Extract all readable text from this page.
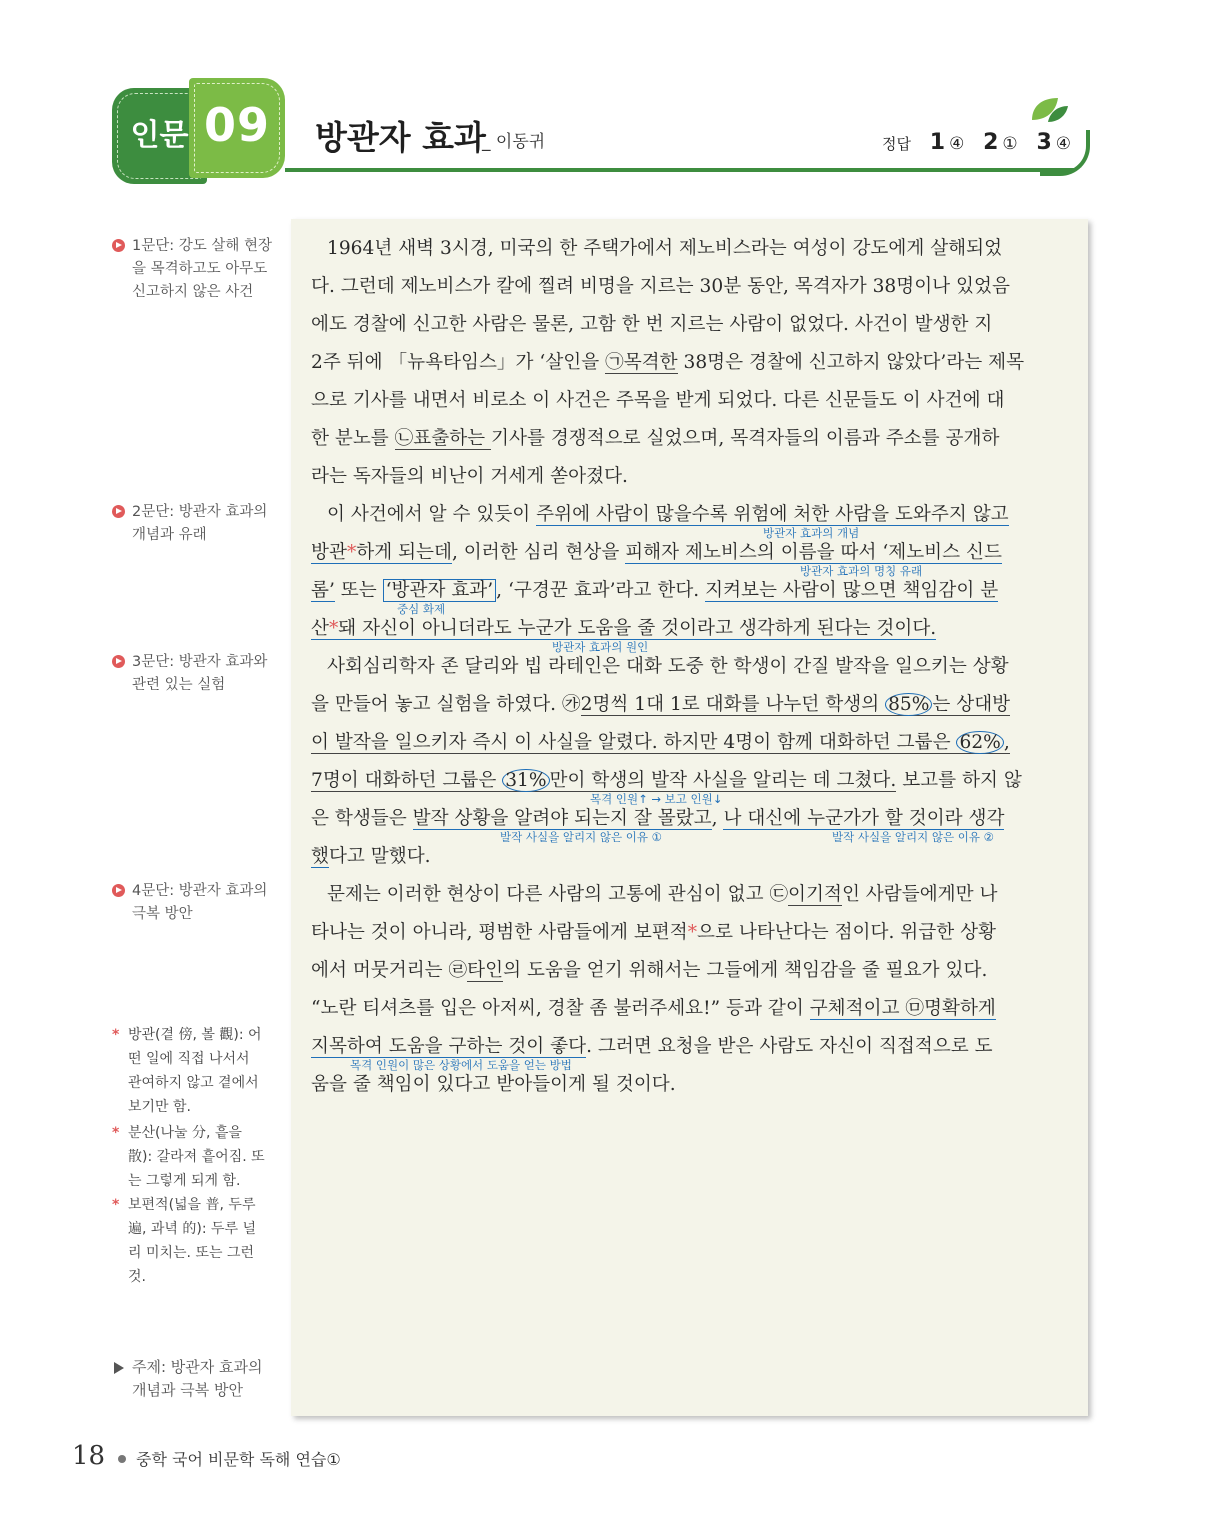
인문 09	방관자 효과
_ 이동귀	정답 1 ④ 2 ① 3 ④
1문단: 강도 살해 현장을 목격하고도 아무도 신고하지 않은 사건
2문단: 방관자 효과의 개념과 유래
3문단: 방관자 효과와 관련 있는 실험
4문단: 방관자 효과의 극복 방안
* 방관(곁 傍, 볼 觀): 어떤 일에 직접 나서서 관여하지 않고 곁에서 보기만 함.
* 분산(나눌 分, 흩을 散): 갈라져 흩어짐. 또는 그렇게 되게 함.
* 보편적(넓을 普, 두루 遍, 과녁 的): 두루 널리 미치는. 또는 그런 것.
주제: 방관자 효과의 개념과 극복 방안
1964년 새벽 3시경, 미국의 한 주택가에서 제노비스라는 여성이 강도에게 살해되었
다. 그런데 제노비스가 칼에 찔려 비명을 지르는 30분 동안, 목격자가 38명이나 있었음
에도 경찰에 신고한 사람은 물론, 고함 한 번 지르는 사람이 없었다. 사건이 발생한 지
2주 뒤에 「뉴욕타임스」가 ‘살인을 ㉠목격한 38명은 경찰에 신고하지 않았다’라는 제목
으로 기사를 내면서 비로소 이 사건은 주목을 받게 되었다. 다른 신문들도 이 사건에 대
한 분노를 ㉡표출하는 기사를 경쟁적으로 실었으며, 목격자들의 이름과 주소를 공개하
라는 독자들의 비난이 거세게 쏟아졌다.
이 사건에서 알 수 있듯이 주위에 사람이 많을수록 위험에 처한 사람을 도와주지 않고
방관자 효과의 개념
방관*하게 되는데, 이러한 심리 현상을 피해자 제노비스의 이름을 따서 ‘제노비스 신드
방관자 효과의 명칭 유래
롬’ 또는 ‘방관자 효과’ , ‘구경꾼 효과’라고 한다. 지켜보는 사람이 많으면 책임감이 분
중심 화제
산*돼 자신이 아니더라도 누군가 도움을 줄 것이라고 생각하게 된다는 것이다.
방관자 효과의 원인
사회심리학자 존 달리와 빕 라테인은 대화 도중 한 학생이 간질 발작을 일으키는 상황
을 만들어 놓고 실험을 하였다. ㉮2명씩 1대 1로 대화를 나누던 학생의 85% 는 상대방
이 발작을 일으키자 즉시 이 사실을 알렸다. 하지만 4명이 함께 대화하던 그룹은 62% ,
7명이 대화하던 그룹은 31% 만이 학생의 발작 사실을 알리는 데 그쳤다. 보고를 하지 않
목격 인원↑ → 보고 인원↓
은 학생들은 발작 상황을 알려야 되는지 잘 몰랐고, 나 대신에 누군가가 할 것이라 생각
발작 사실을 알리지 않은 이유 ①	발작 사실을 알리지 않은 이유 ②
했다고 말했다.
문제는 이러한 현상이 다른 사람의 고통에 관심이 없고 ㉢이기적인 사람들에게만 나
타나는 것이 아니라, 평범한 사람들에게 보편적*으로 나타난다는 점이다. 위급한 상황
에서 머뭇거리는 ㉣타인의 도움을 얻기 위해서는 그들에게 책임감을 줄 필요가 있다.
“노란 티셔츠를 입은 아저씨, 경찰 좀 불러주세요!” 등과 같이 구체적이고 ㉤명확하게
지목하여 도움을 구하는 것이 좋다. 그러면 요청을 받은 사람도 자신이 직접적으로 도
목격 인원이 많은 상황에서 도움을 얻는 방법
움을 줄 책임이 있다고 받아들이게 될 것이다.
18 중학 국어 비문학 독해 연습①
